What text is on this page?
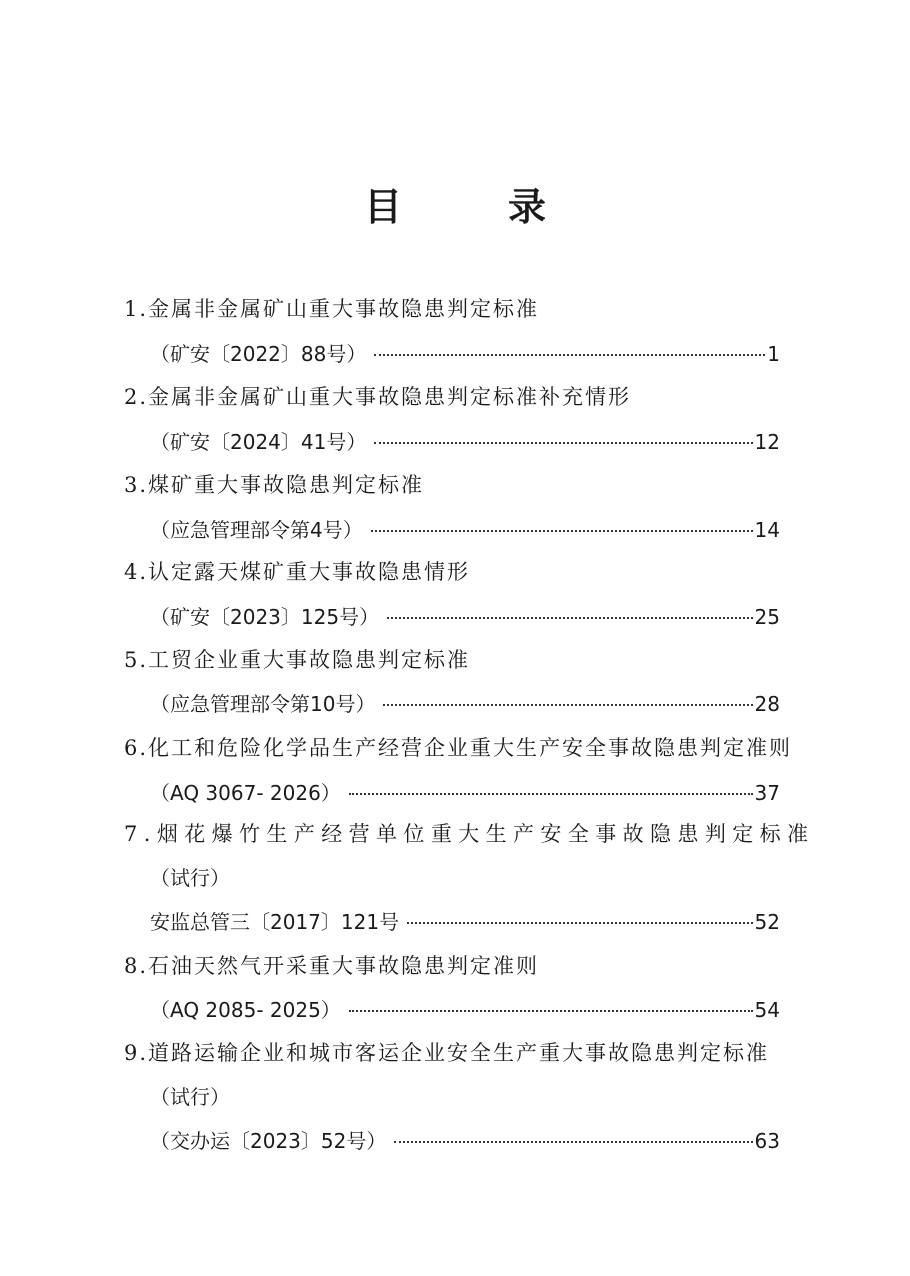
目　录
1.金属非金属矿山重大事故隐患判定标准
（矿安〔2022〕88号）	1
2.金属非金属矿山重大事故隐患判定标准补充情形
（矿安〔2024〕41号）	12
3.煤矿重大事故隐患判定标准
（应急管理部令第4号）	14
4.认定露天煤矿重大事故隐患情形
（矿安〔2023〕125号）	25
5.工贸企业重大事故隐患判定标准
（应急管理部令第10号）	28
6.化工和危险化学品生产经营企业重大生产安全事故隐患判定准则
（AQ 3067- 2026）	37
7.烟花爆竹生产经营单位重大生产安全事故隐患判定标准
（试行）
安监总管三〔2017〕121号	52
8.石油天然气开采重大事故隐患判定准则
（AQ 2085- 2025）	54
9.道路运输企业和城市客运企业安全生产重大事故隐患判定标准
（试行）
（交办运〔2023〕52号）	63
